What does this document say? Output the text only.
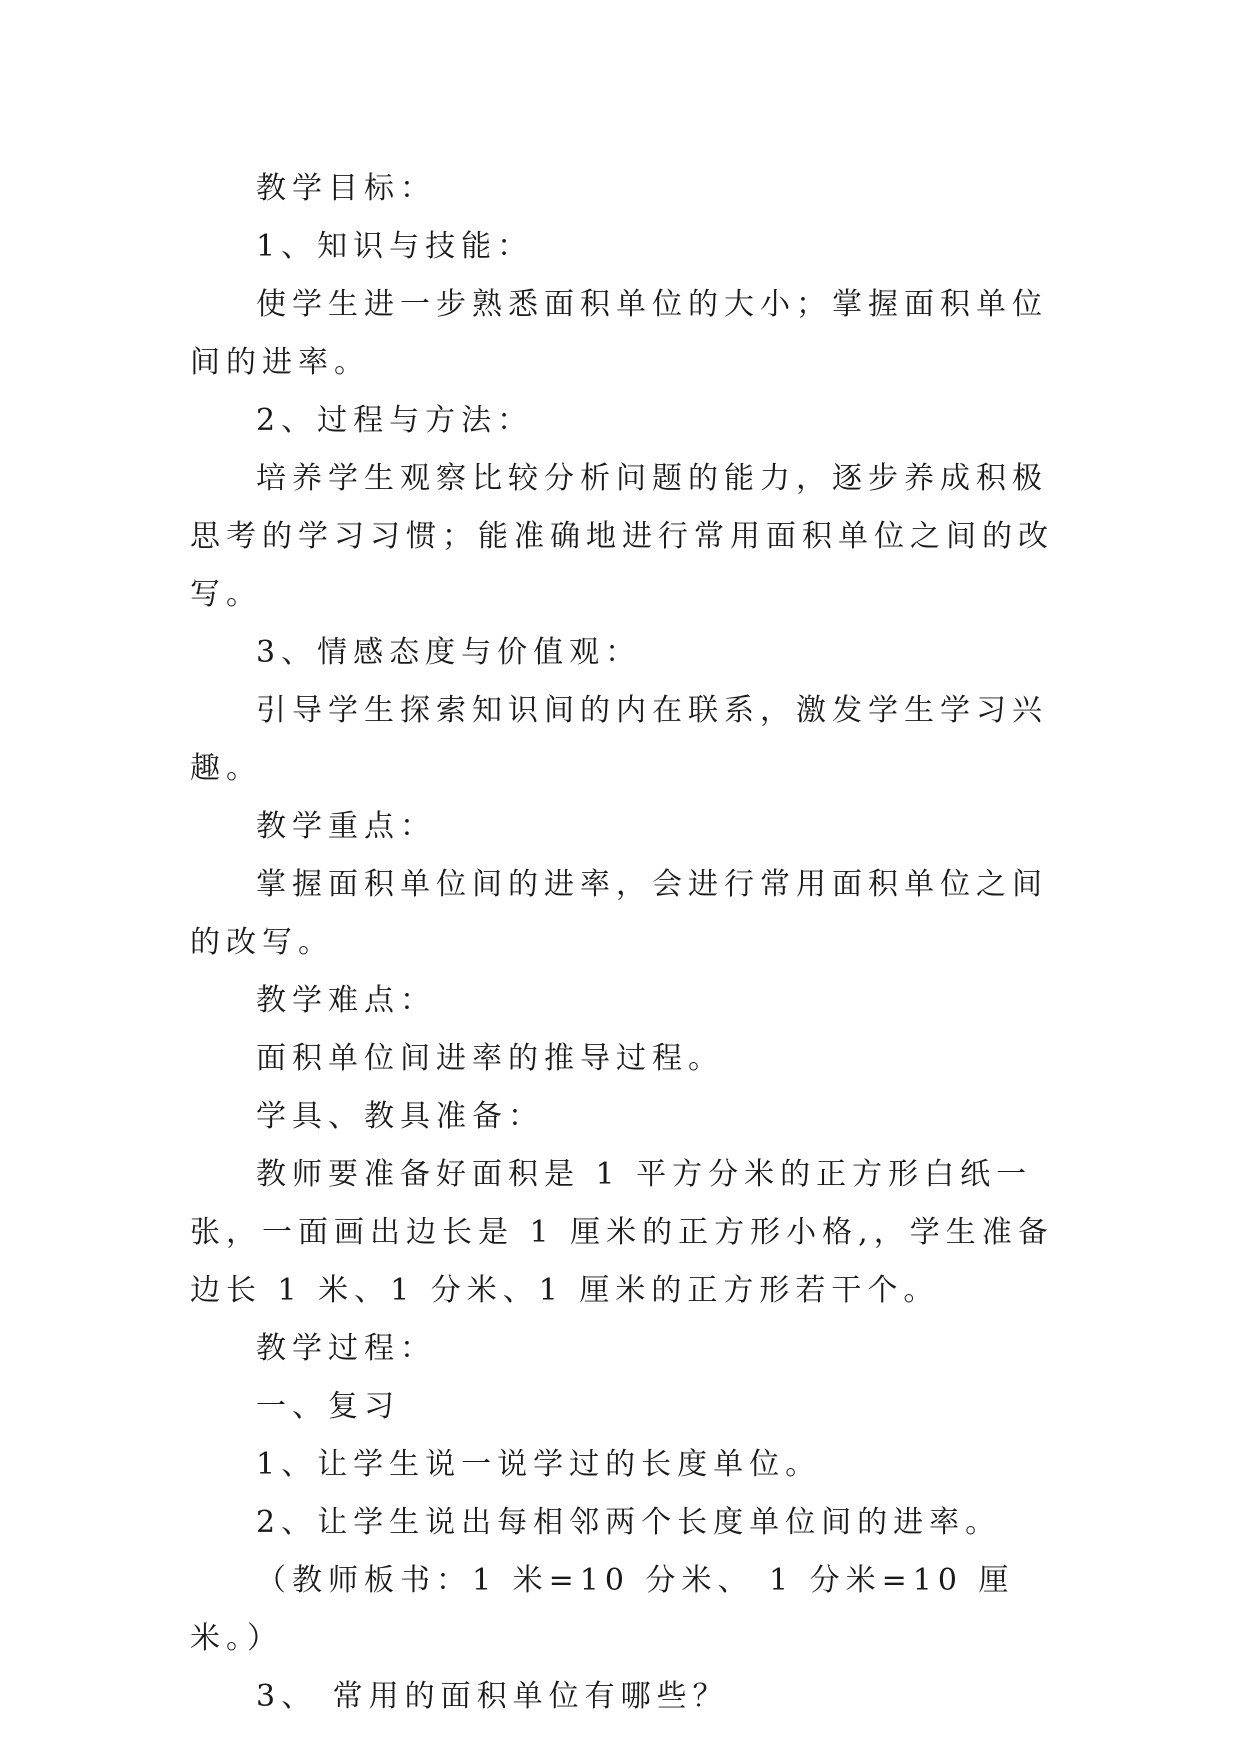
教学目标：

1、知识与技能：

使学生进一步熟悉面积单位的大小；掌握面积单位间的进率。

2、过程与方法：

培养学生观察比较分析问题的能力，逐步养成积极思考的学习习惯；能准确地进行常用面积单位之间的改写。

3、情感态度与价值观：

引导学生探索知识间的内在联系，激发学生学习兴趣。

教学重点：

掌握面积单位间的进率，会进行常用面积单位之间的改写。

教学难点：

面积单位间进率的推导过程。

学具、教具准备：

教师要准备好面积是 1 平方分米的正方形白纸一张，一面画出边长是 1 厘米的正方形小格,，学生准备边长 1 米、1 分米、1 厘米的正方形若干个。

教学过程：

一、复习

1、让学生说一说学过的长度单位。

2、让学生说出每相邻两个长度单位间的进率。

（教师板书：1 米=10 分米、 1 分米=10 厘米。）

3、 常用的面积单位有哪些？
